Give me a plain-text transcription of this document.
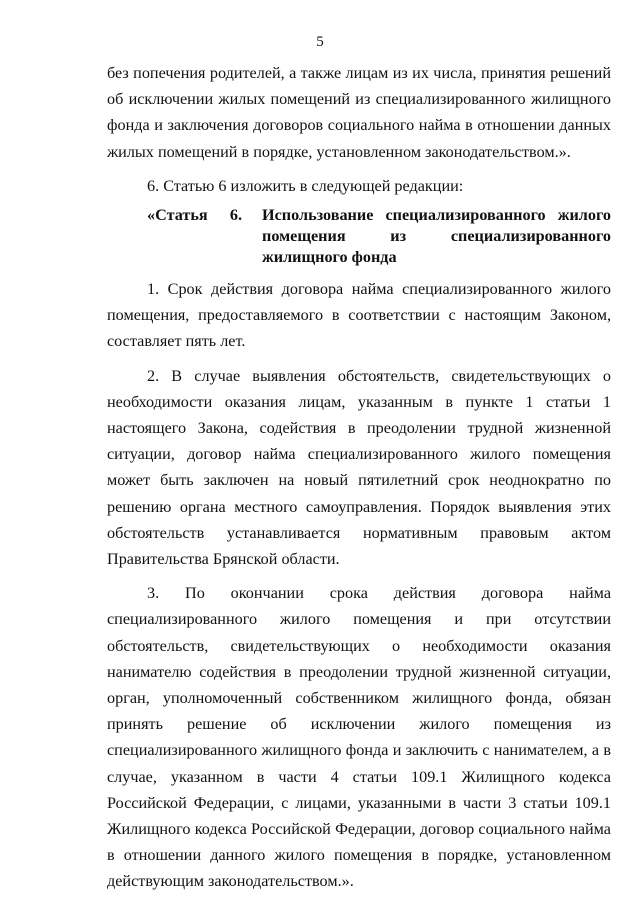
5

без попечения родителей, а также лицам из их числа, принятия решений об исключении жилых помещений из специализированного жилищного фонда и заключения договоров социального найма в отношении данных жилых помещений в порядке, установленном законодательством.».

6. Статью 6 изложить в следующей редакции:

«Статья 6. Использование специализированного жилого помещения из специализированного жилищного фонда

1. Срок действия договора найма специализированного жилого помещения, предоставляемого в соответствии с настоящим Законом, составляет пять лет.

2. В случае выявления обстоятельств, свидетельствующих о необходимости оказания лицам, указанным в пункте 1 статьи 1 настоящего Закона, содействия в преодолении трудной жизненной ситуации, договор найма специализированного жилого помещения может быть заключен на новый пятилетний срок неоднократно по решению органа местного самоуправления. Порядок выявления этих обстоятельств устанавливается нормативным правовым актом Правительства Брянской области.

3. По окончании срока действия договора найма специализированного жилого помещения и при отсутствии обстоятельств, свидетельствующих о необходимости оказания нанимателю содействия в преодолении трудной жизненной ситуации, орган, уполномоченный собственником жилищного фонда, обязан принять решение об исключении жилого помещения из специализированного жилищного фонда и заключить с нанимателем, а в случае, указанном в части 4 статьи 109.1 Жилищного кодекса Российской Федерации, с лицами, указанными в части 3 статьи 109.1 Жилищного кодекса Российской Федерации, договор социального найма в отношении данного жилого помещения в порядке, установленном действующим законодательством.».
